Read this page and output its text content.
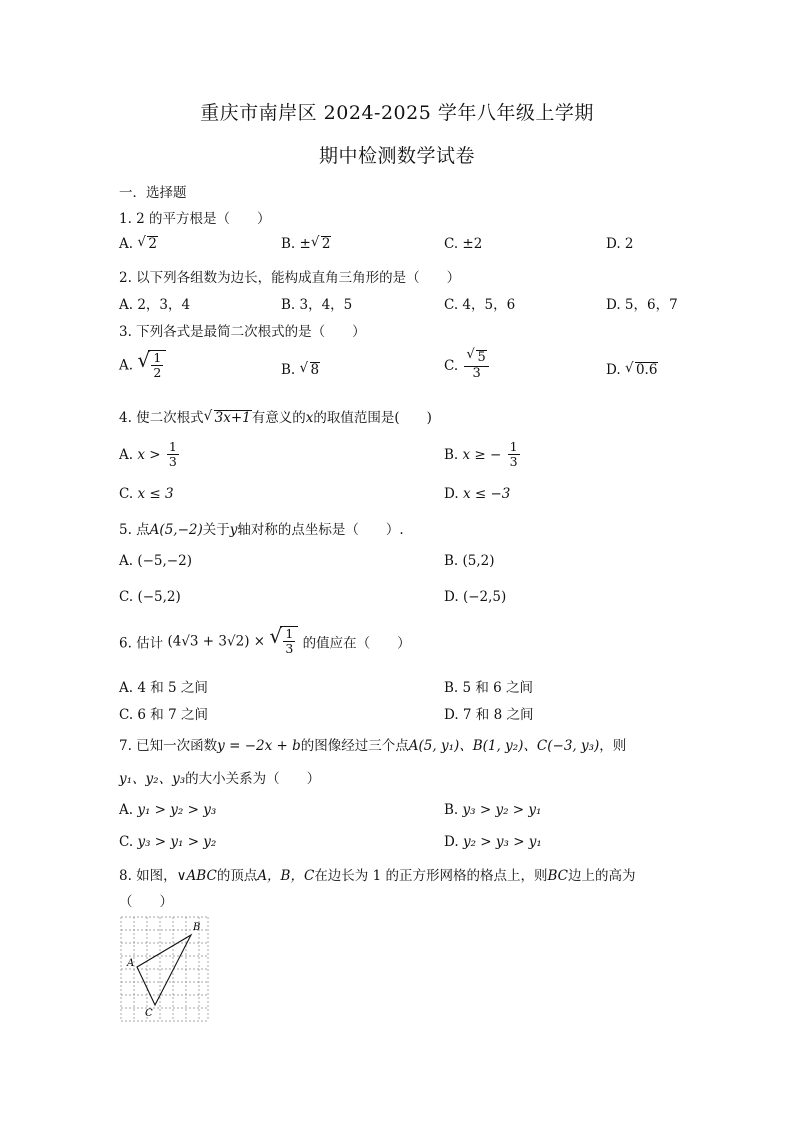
重庆市南岸区 2024-2025 学年八年级上学期
期中检测数学试卷
一．选择题
1. 2 的平方根是（　　）
A. √ 2	B. ± √ 2	C. ±2	D. 2
2. 以下列各组数为边长，能构成直角三角形的是（　　）
A. 2，3，4	B. 3，4，5	C. 4，5，6	D. 5，6，7
3. 下列各式是最简二次根式的是（　　）
A. √ $\frac{1}{2}$	B. √ 8	C. √ $\frac{5}{3}$	D. √ 0.6
4. 使二次根式 √ 3x+1有意义的x的取值范围是(　　)
A. $x > \frac{1}{3}$	B. x ≥ − $\frac{1}{3}$
C. x ≤ 3	D. x ≤ −3
5. 点A(5,−2)关于y轴对称的点坐标是（　　）.
A. (−5,−2)	B. (5,2)
C. (−5,2)	D. (−2,5)
6. 估计 (4√3 + 3√2) × √ $\frac{1}{3}$ 的值应在（　　）
A. 4 和 5 之间	B. 5 和 6 之间
C. 6 和 7 之间	D. 7 和 8 之间
7. 已知一次函数y = −2x + b的图像经过三个点A(5, y₁)、B(1, y₂)、C(−3, y₃)，则
y₁、y₂、y₃的大小关系为（　　）
A. y₁ > y₂ > y₃	B. y₃ > y₂ > y₁
C. y₃ > y₁ > y₂	D. y₂ > y₃ > y₁
8. 如图，∨ABC的顶点A，B，C在边长为 1 的正方形网格的格点上，则BC边上的高为
（　　）
A
B
C
